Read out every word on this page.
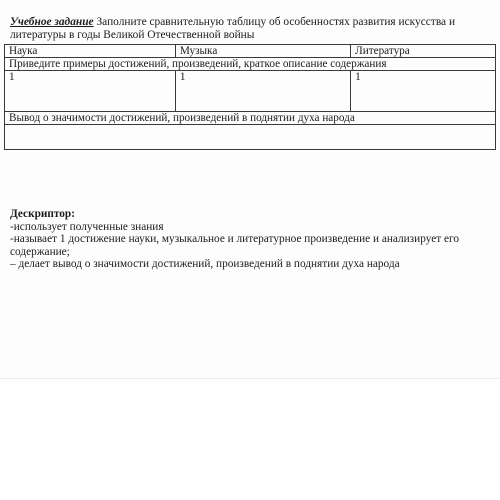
Учебное задание Заполните сравнительную таблицу об особенностях развития искусства и литературы в годы Великой Отечественной войны
Наука	Музыка	Литература
Приведите примеры достижений, произведений, краткое описание содержания		
1	1	1
Вывод о значимости достижений, произведений в поднятии духа народа		

Дескриптор:
-использует полученные знания
-называет 1 достижение науки, музыкальное и литературное произведение и анализирует его содержание;
– делает вывод о значимости достижений, произведений в поднятии духа народа
